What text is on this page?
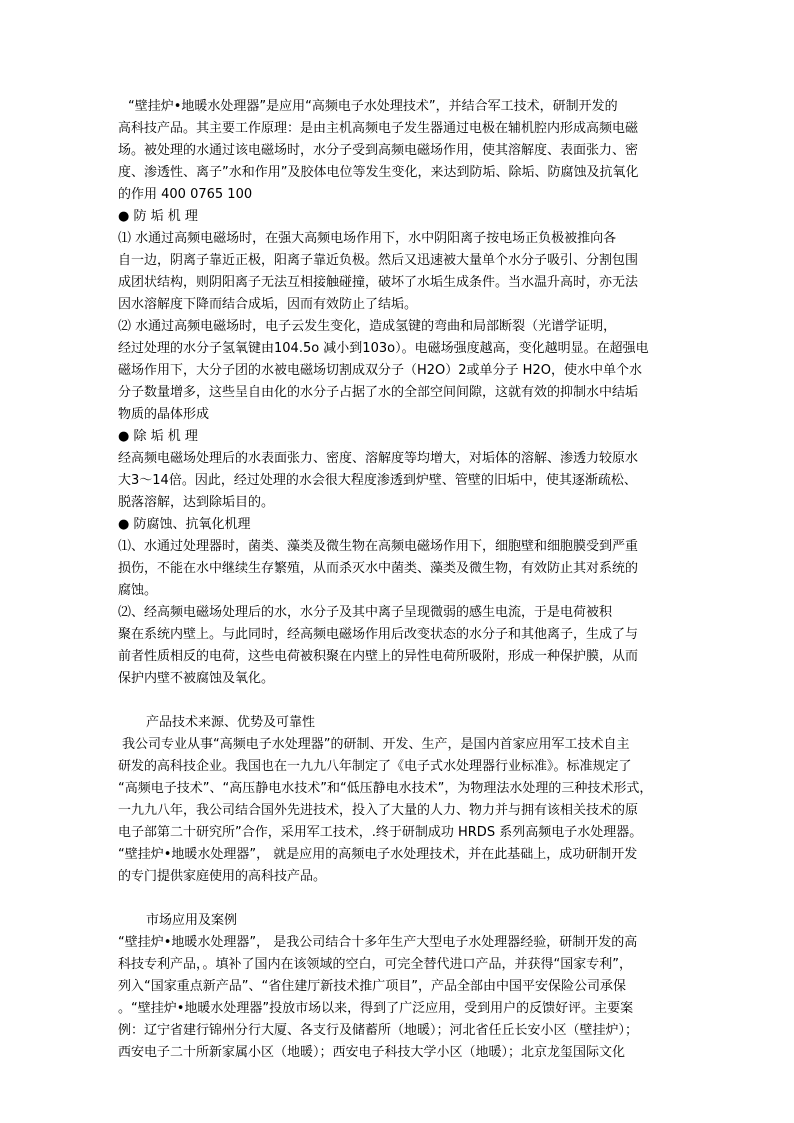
“壁挂炉•地暖水处理器”是应用“高频电子水处理技术”，并结合军工技术，研制开发的
高科技产品。其主要工作原理：是由主机高频电子发生器通过电极在辅机腔内形成高频电磁
场。被处理的水通过该电磁场时，水分子受到高频电磁场作用，使其溶解度、表面张力、密
度、渗透性、离子”水和作用”及胶体电位等发生变化，来达到防垢、除垢、防腐蚀及抗氧化
的作用 400 0765 100
● 防 垢 机 理
⑴ 水通过高频电磁场时，在强大高频电场作用下，水中阴阳离子按电场正负极被推向各
自一边，阴离子靠近正极，阳离子靠近负极。然后又迅速被大量单个水分子吸引、分割包围
成团状结构，则阴阳离子无法互相接触碰撞，破坏了水垢生成条件。当水温升高时，亦无法
因水溶解度下降而结合成垢，因而有效防止了结垢。
⑵ 水通过高频电磁场时，电子云发生变化，造成氢键的弯曲和局部断裂（光谱学证明，
经过处理的水分子氢氧键由104.5o 减小到103o）。电磁场强度越高，变化越明显。在超强电
磁场作用下，大分子团的水被电磁场切割成双分子（H2O）2或单分子 H2O，使水中单个水
分子数量增多，这些呈自由化的水分子占据了水的全部空间间隙，这就有效的抑制水中结垢
物质的晶体形成
● 除 垢 机 理
经高频电磁场处理后的水表面张力、密度、溶解度等均增大，对垢体的溶解、渗透力较原水
大3～14倍。因此，经过处理的水会很大程度渗透到炉壁、管壁的旧垢中，使其逐渐疏松、
脱落溶解，达到除垢目的。
● 防腐蚀、抗氧化机理
⑴、水通过处理器时，菌类、藻类及微生物在高频电磁场作用下，细胞壁和细胞膜受到严重
损伤，不能在水中继续生存繁殖，从而杀灭水中菌类、藻类及微生物，有效防止其对系统的
腐蚀。
⑵、经高频电磁场处理后的水，水分子及其中离子呈现微弱的感生电流，于是电荷被积
聚在系统内壁上。与此同时，经高频电磁场作用后改变状态的水分子和其他离子，生成了与
前者性质相反的电荷，这些电荷被积聚在内壁上的异性电荷所吸附，形成一种保护膜，从而
保护内壁不被腐蚀及氧化。
产品技术来源、优势及可靠性
我公司专业从事“高频电子水处理器”的研制、开发、生产，是国内首家应用军工技术自主
研发的高科技企业。我国也在一九九八年制定了《电子式水处理器行业标准》。标准规定了
“高频电子技术”、“高压静电水技术”和“低压静电水技术”，为物理法水处理的三种技术形式，
一九九八年，我公司结合国外先进技术，投入了大量的人力、物力并与拥有该相关技术的原
电子部第二十研究所”合作，采用军工技术，.终于研制成功 HRDS 系列高频电子水处理器。
“壁挂炉•地暖水处理器”， 就是应用的高频电子水处理技术，并在此基础上，成功研制开发
的专门提供家庭使用的高科技产品。
市场应用及案例
“壁挂炉•地暖水处理器”， 是我公司结合十多年生产大型电子水处理器经验，研制开发的高
科技专利产品，。填补了国内在该领域的空白，可完全替代进口产品，并获得“国家专利”，
列入“国家重点新产品”、“省住建厅新技术推广项目”，产品全部由中国平安保险公司承保
。“壁挂炉•地暖水处理器”投放市场以来，得到了广泛应用，受到用户的反馈好评。主要案
例：辽宁省建行锦州分行大厦、各支行及储蓄所（地暖）；河北省任丘长安小区（壁挂炉）；
西安电子二十所新家属小区（地暖）；西安电子科技大学小区（地暖）；北京龙玺国际文化
